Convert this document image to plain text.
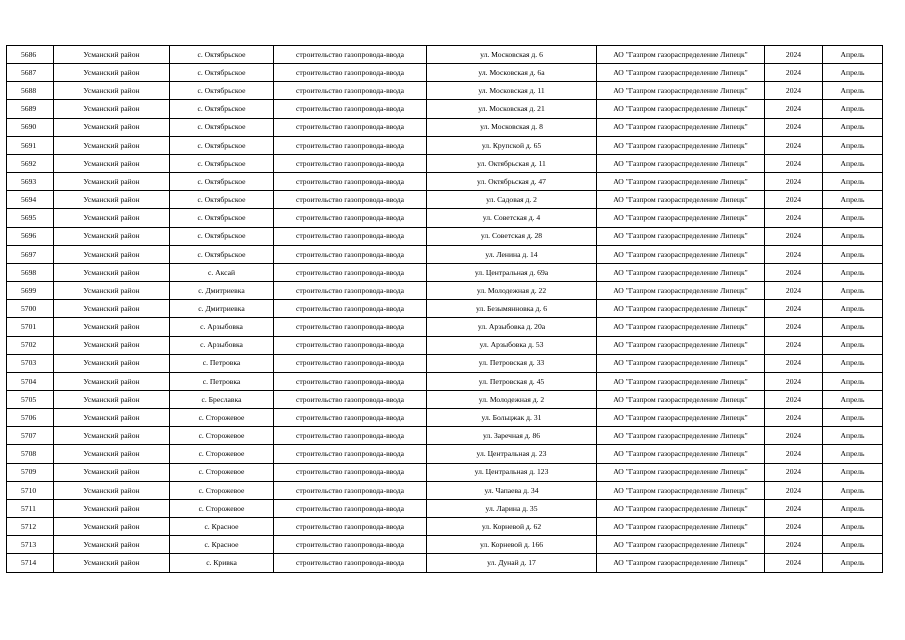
5686	Усманский район	с. Октябрьское	строительство газопровода-ввода	ул. Московская д. 6	АО "Газпром газораспределение Липецк"	2024	Апрель
5687	Усманский район	с. Октябрьское	строительство газопровода-ввода	ул. Московская д. 6а	АО "Газпром газораспределение Липецк"	2024	Апрель
5688	Усманский район	с. Октябрьское	строительство газопровода-ввода	ул. Московская д. 11	АО "Газпром газораспределение Липецк"	2024	Апрель
5689	Усманский район	с. Октябрьское	строительство газопровода-ввода	ул. Московская д. 21	АО "Газпром газораспределение Липецк"	2024	Апрель
5690	Усманский район	с. Октябрьское	строительство газопровода-ввода	ул. Московская д. 8	АО "Газпром газораспределение Липецк"	2024	Апрель
5691	Усманский район	с. Октябрьское	строительство газопровода-ввода	ул. Крупской д. 65	АО "Газпром газораспределение Липецк"	2024	Апрель
5692	Усманский район	с. Октябрьское	строительство газопровода-ввода	ул. Октябрьская д. 11	АО "Газпром газораспределение Липецк"	2024	Апрель
5693	Усманский район	с. Октябрьское	строительство газопровода-ввода	ул. Октябрьская д. 47	АО "Газпром газораспределение Липецк"	2024	Апрель
5694	Усманский район	с. Октябрьское	строительство газопровода-ввода	ул. Садовая д. 2	АО "Газпром газораспределение Липецк"	2024	Апрель
5695	Усманский район	с. Октябрьское	строительство газопровода-ввода	ул. Советская д. 4	АО "Газпром газораспределение Липецк"	2024	Апрель
5696	Усманский район	с. Октябрьское	строительство газопровода-ввода	ул. Советская д. 28	АО "Газпром газораспределение Липецк"	2024	Апрель
5697	Усманский район	с. Октябрьское	строительство газопровода-ввода	ул. Ленина д. 14	АО "Газпром газораспределение Липецк"	2024	Апрель
5698	Усманский район	с. Аксай	строительство газопровода-ввода	ул. Центральная д. 69а	АО "Газпром газораспределение Липецк"	2024	Апрель
5699	Усманский район	с. Дмитриевка	строительство газопровода-ввода	ул. Молодежная д. 22	АО "Газпром газораспределение Липецк"	2024	Апрель
5700	Усманский район	с. Дмитриевка	строительство газопровода-ввода	ул. Безымянновка д. 6	АО "Газпром газораспределение Липецк"	2024	Апрель
5701	Усманский район	с. Арзыбовка	строительство газопровода-ввода	ул. Арзыбовка д. 20а	АО "Газпром газораспределение Липецк"	2024	Апрель
5702	Усманский район	с. Арзыбовка	строительство газопровода-ввода	ул. Арзыбовка д. 53	АО "Газпром газораспределение Липецк"	2024	Апрель
5703	Усманский район	с. Петровка	строительство газопровода-ввода	ул. Петровская д. 33	АО "Газпром газораспределение Липецк"	2024	Апрель
5704	Усманский район	с. Петровка	строительство газопровода-ввода	ул. Петровская д. 45	АО "Газпром газораспределение Липецк"	2024	Апрель
5705	Усманский район	с. Бреславка	строительство газопровода-ввода	ул. Молодежная д. 2	АО "Газпром газораспределение Липецк"	2024	Апрель
5706	Усманский район	с. Сторожевое	строительство газопровода-ввода	ул. Больцжак д. 31	АО "Газпром газораспределение Липецк"	2024	Апрель
5707	Усманский район	с. Сторожевое	строительство газопровода-ввода	ул. Заречная д. 86	АО "Газпром газораспределение Липецк"	2024	Апрель
5708	Усманский район	с. Сторожевое	строительство газопровода-ввода	ул. Центральная д. 23	АО "Газпром газораспределение Липецк"	2024	Апрель
5709	Усманский район	с. Сторожевое	строительство газопровода-ввода	ул. Центральная д. 123	АО "Газпром газораспределение Липецк"	2024	Апрель
5710	Усманский район	с. Сторожевое	строительство газопровода-ввода	ул. Чапаева д. 34	АО "Газпром газораспределение Липецк"	2024	Апрель
5711	Усманский район	с. Сторожевое	строительство газопровода-ввода	ул. Ларина д. 35	АО "Газпром газораспределение Липецк"	2024	Апрель
5712	Усманский район	с. Красное	строительство газопровода-ввода	ул. Корневой д. 62	АО "Газпром газораспределение Липецк"	2024	Апрель
5713	Усманский район	с. Красное	строительство газопровода-ввода	ул. Корневой д. 166	АО "Газпром газораспределение Липецк"	2024	Апрель
5714	Усманский район	с. Кривка	строительство газопровода-ввода	ул. Дунай д. 17	АО "Газпром газораспределение Липецк"	2024	Апрель
